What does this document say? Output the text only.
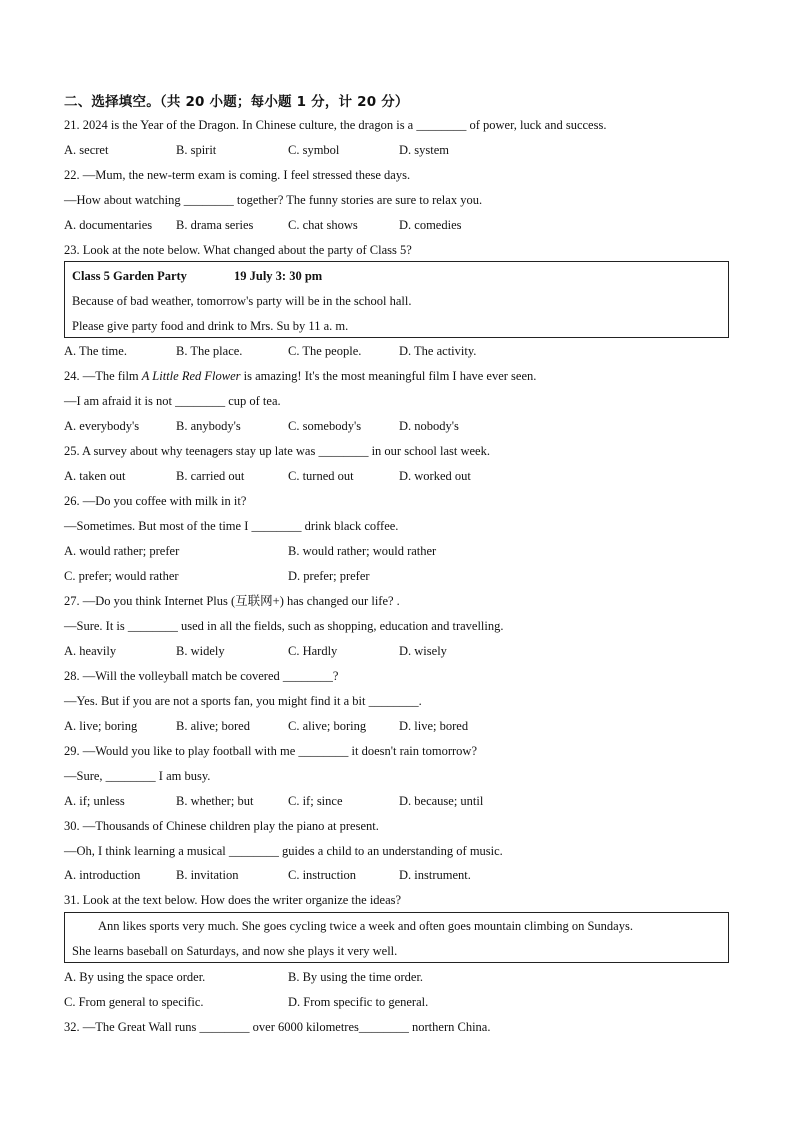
二、选择填空。（共 20 小题；每小题 1 分，计 20 分）
21. 2024 is the Year of the Dragon. In Chinese culture, the dragon is a ________ of power, luck and success.
A. secret	B. spirit	C. symbol	D. system
22. —Mum, the new-term exam is coming. I feel stressed these days.
—How about watching ________ together? The funny stories are sure to relax you.
A. documentaries B. drama series	C. chat shows	D. comedies
23. Look at the note below. What changed about the party of Class 5?
Class 5 Garden Party	19 July 3: 30 pm
Because of bad weather, tomorrow's party will be in the school hall.
Please give party food and drink to Mrs. Su by 11 a. m.
A. The time.	B. The place.	C. The people.	D. The activity.
24. —The film A Little Red Flower is amazing! It's the most meaningful film I have ever seen.
—I am afraid it is not ________ cup of tea.
A. everybody's	B. anybody's	C. somebody's	D. nobody's
25. A survey about why teenagers stay up late was ________ in our school last week.
A. taken out	B. carried out	C. turned out	D. worked out
26. —Do you coffee with milk in it?
—Sometimes. But most of the time I ________ drink black coffee.
A. would rather; prefer	B. would rather; would rather
C. prefer; would rather	D. prefer; prefer
27. —Do you think Internet Plus (互联网+) has changed our life? .
—Sure. It is ________ used in all the fields, such as shopping, education and travelling.
A. heavily	B. widely	C. Hardly	D. wisely
28. —Will the volleyball match be covered ________?
—Yes. But if you are not a sports fan, you might find it a bit ________.
A. live; boring	B. alive; bored	C. alive; boring	D. live; bored
29. —Would you like to play football with me ________ it doesn't rain tomorrow?
—Sure, ________ I am busy.
A. if; unless	B. whether; but	C. if; since	D. because; until
30. —Thousands of Chinese children play the piano at present.
—Oh, I think learning a musical ________ guides a child to an understanding of music.
A. introduction	B. invitation	C. instruction	D. instrument.
31. Look at the text below. How does the writer organize the ideas?
Ann likes sports very much. She goes cycling twice a week and often goes mountain climbing on Sundays.
She learns baseball on Saturdays, and now she plays it very well.
A. By using the space order.	B. By using the time order.
C. From general to specific.	D. From specific to general.
32. —The Great Wall runs ________ over 6000 kilometres________ northern China.
